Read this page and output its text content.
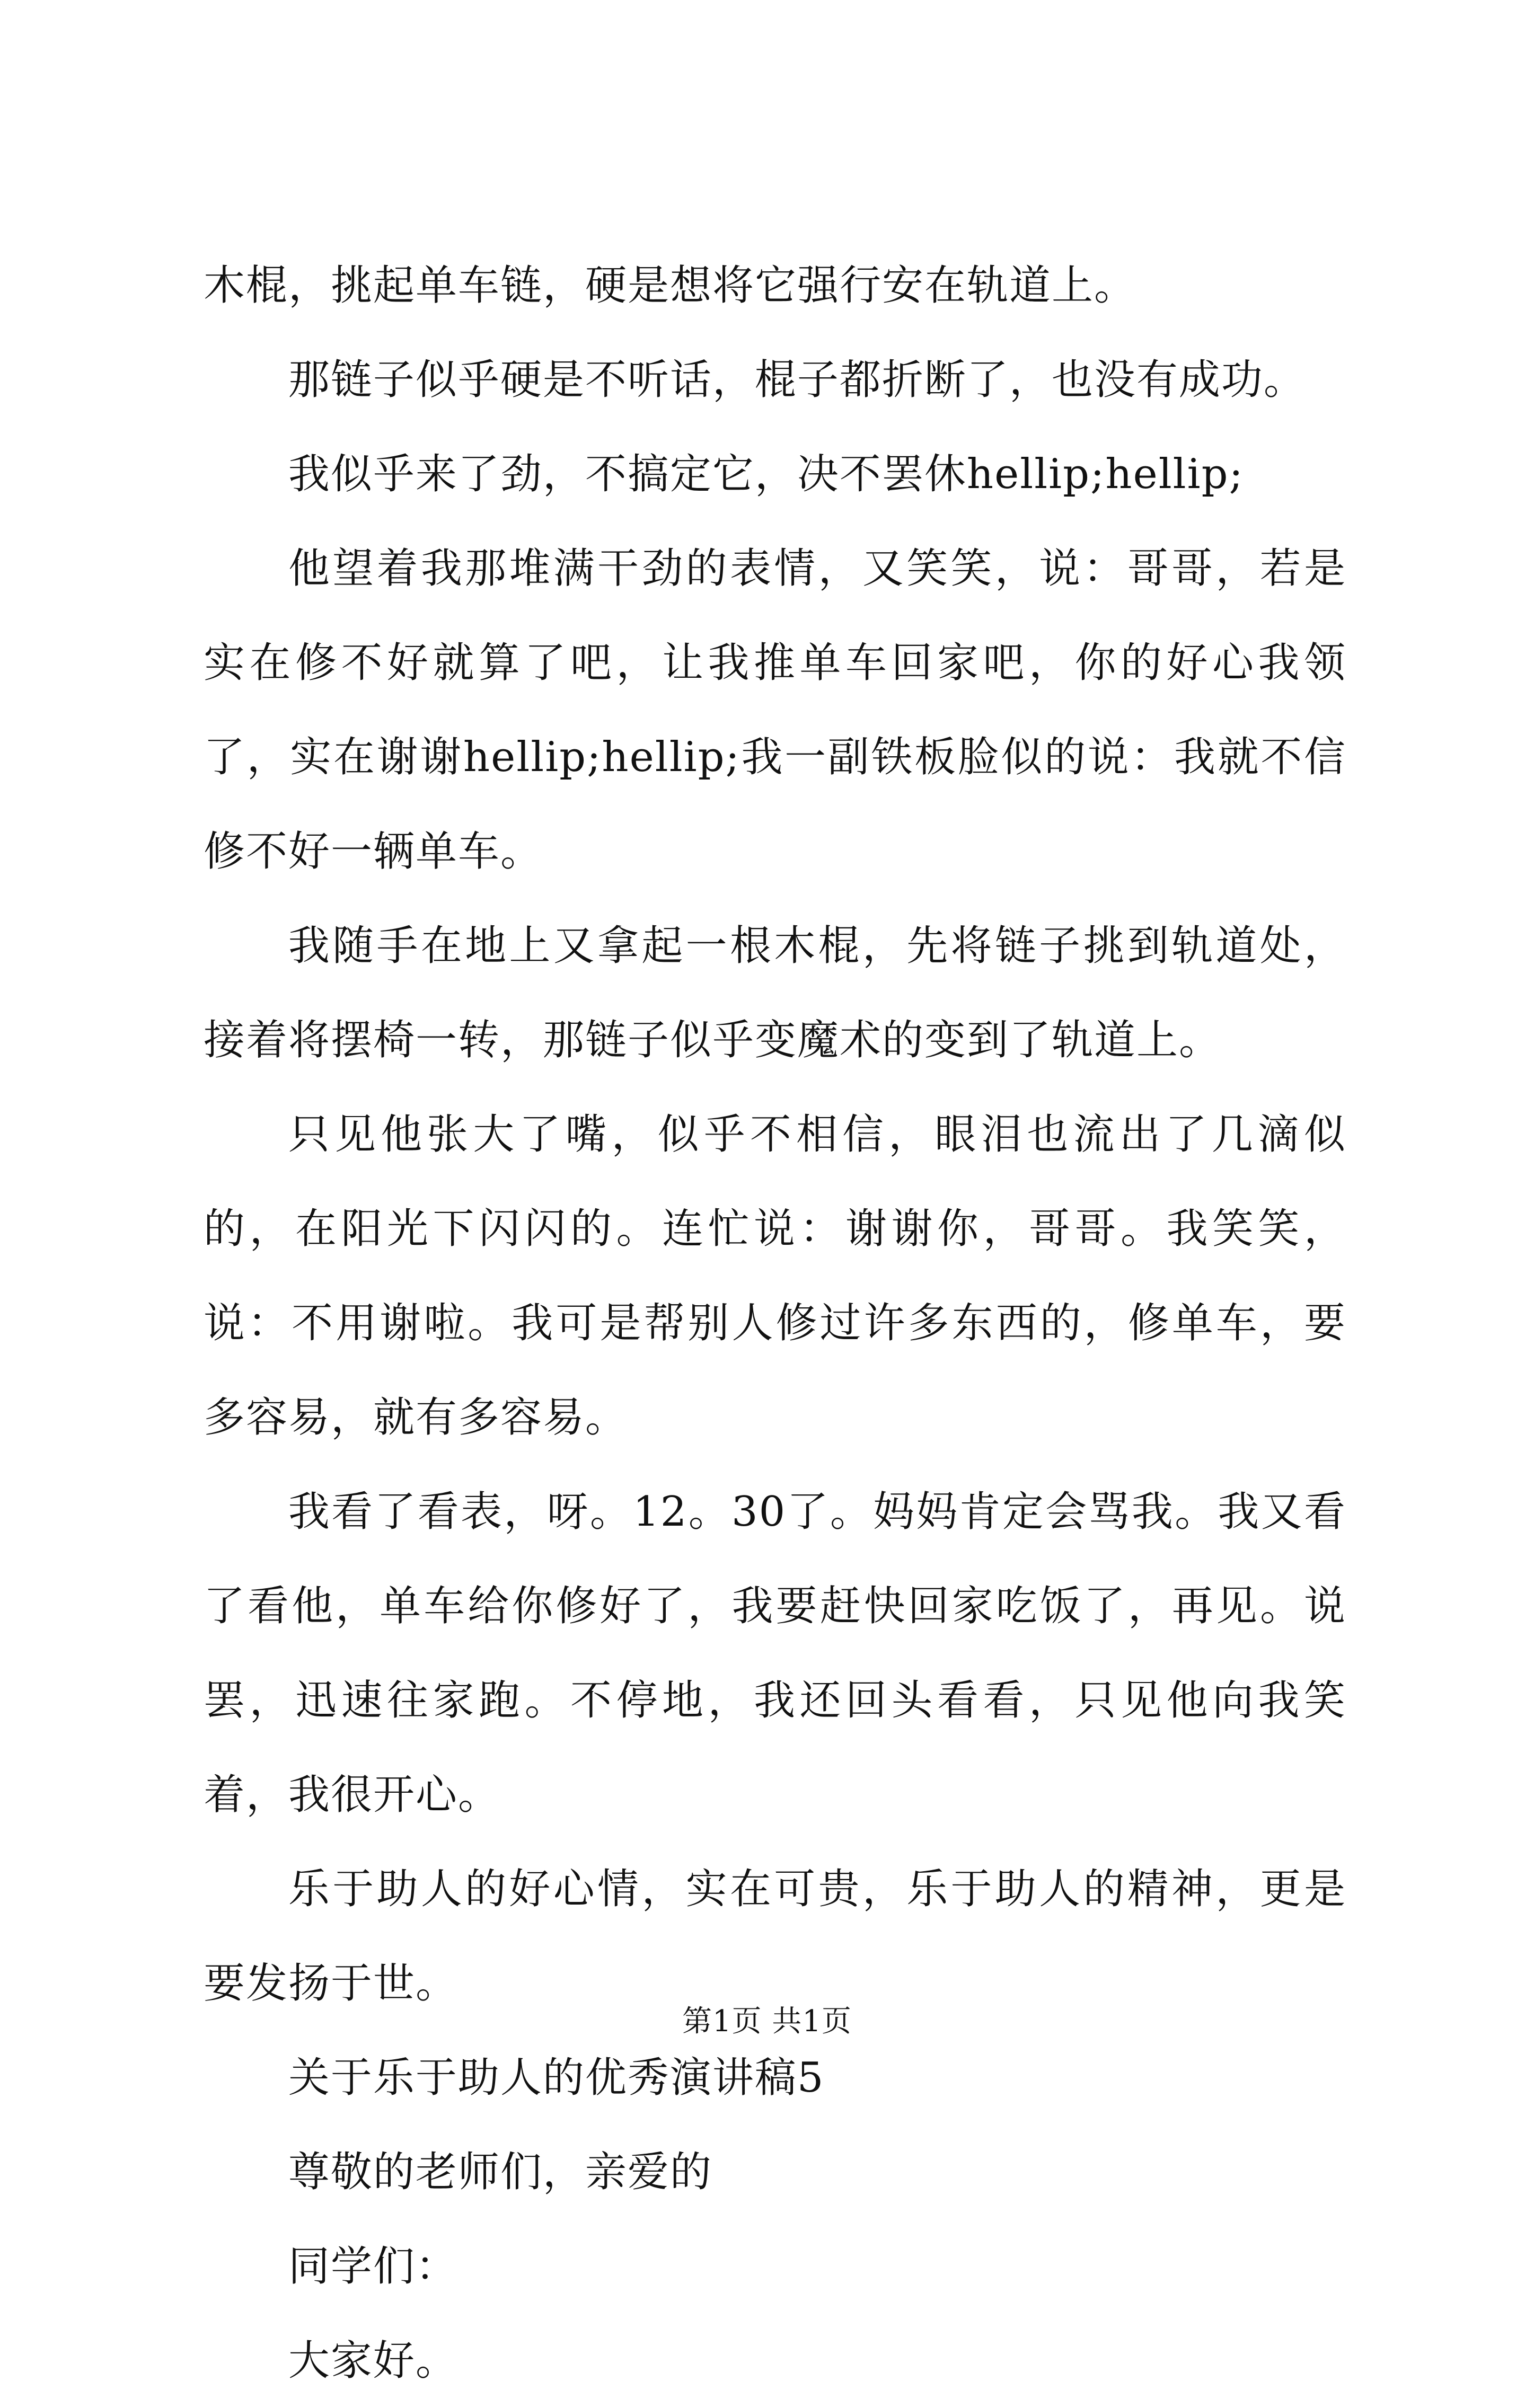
木棍，挑起单车链，硬是想将它强行安在轨道上。

那链子似乎硬是不听话，棍子都折断了，也没有成功。

我似乎来了劲，不搞定它，决不罢休hellip;hellip;

他望着我那堆满干劲的表情，又笑笑，说：哥哥，若是实在修不好就算了吧，让我推单车回家吧，你的好心我领了，实在谢谢hellip;hellip;我一副铁板脸似的说：我就不信修不好一辆单车。

我随手在地上又拿起一根木棍，先将链子挑到轨道处，接着将摆椅一转，那链子似乎变魔术的变到了轨道上。

只见他张大了嘴，似乎不相信，眼泪也流出了几滴似的，在阳光下闪闪的。连忙说：谢谢你，哥哥。我笑笑，说：不用谢啦。我可是帮别人修过许多东西的，修单车，要多容易，就有多容易。

我看了看表，呀。12。30了。妈妈肯定会骂我。我又看了看他，单车给你修好了，我要赶快回家吃饭了，再见。说罢，迅速往家跑。不停地，我还回头看看，只见他向我笑着，我很开心。

乐于助人的好心情，实在可贵，乐于助人的精神，更是要发扬于世。

关于乐于助人的优秀演讲稿5

尊敬的老师们，亲爱的

同学们：

大家好。

第1页 共1页
